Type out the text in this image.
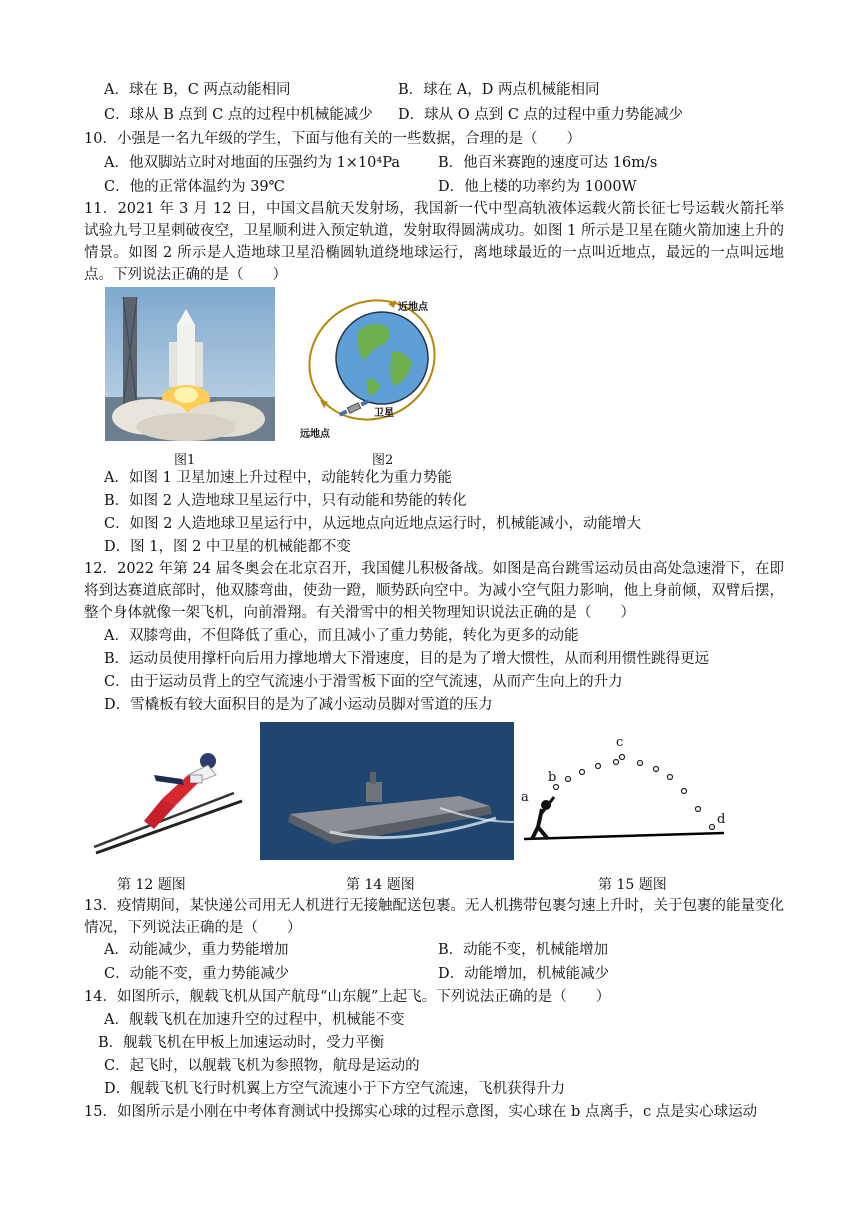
A．球在 B，C 两点动能相同	B．球在 A，D 两点机械能相同
C．球从 B 点到 C 点的过程中机械能减少 D．球从 O 点到 C 点的过程中重力势能减少
10．小强是一名九年级的学生，下面与他有关的一些数据，合理的是（　　）
A．他双脚站立时对地面的压强约为 1×10⁴Pa	B．他百米赛跑的速度可达 16m/s
C．他的正常体温约为 39℃	D．他上楼的功率约为 1000W
11．2021 年 3 月 12 日，中国文昌航天发射场，我国新一代中型高轨液体运载火箭长征七号运载火箭托举试验九号卫星刺破夜空，卫星顺利进入预定轨道，发射取得圆满成功。如图 1 所示是卫星在随火箭加速上升的情景。如图 2 所示是人造地球卫星沿椭圆轨道绕地球运行，离地球最近的一点叫近地点，最远的一点叫远地点。下列说法正确的是（　　）
图1
近地点
远地点
卫星
图2
A．如图 1 卫星加速上升过程中，动能转化为重力势能
B．如图 2 人造地球卫星运行中，只有动能和势能的转化
C．如图 2 人造地球卫星运行中，从远地点向近地点运行时，机械能减小，动能增大
D．图 1，图 2 中卫星的机械能都不变
12．2022 年第 24 届冬奥会在北京召开，我国健儿积极备战。如图是高台跳雪运动员由高处急速滑下，在即将到达赛道底部时，他双膝弯曲，使劲一蹬，顺势跃向空中。为减小空气阻力影响，他上身前倾，双臂后摆，整个身体就像一架飞机，向前滑翔。有关滑雪中的相关物理知识说法正确的是（　　）
A．双膝弯曲，不但降低了重心，而且减小了重力势能，转化为更多的动能
B．运动员使用撑杆向后用力撑地增大下滑速度，目的是为了增大惯性，从而利用惯性跳得更远
C．由于运动员背上的空气流速小于滑雪板下面的空气流速，从而产生向上的升力
D．雪橇板有较大面积目的是为了减小运动员脚对雪道的压力
第 12 题图	第 14 题图
a
b
c
d
第 15 题图
13．疫情期间，某快递公司用无人机进行无接触配送包裹。无人机携带包裹匀速上升时，关于包裹的能量变化情况，下列说法正确的是（　　）
A．动能减少，重力势能增加	B．动能不变，机械能增加
C．动能不变，重力势能减少	D．动能增加，机械能减少
14．如图所示，舰载飞机从国产航母“山东舰”上起飞。下列说法正确的是（　　）
A．舰载飞机在加速升空的过程中，机械能不变
B．舰载飞机在甲板上加速运动时，受力平衡
C．起飞时，以舰载飞机为参照物，航母是运动的
D．舰载飞机飞行时机翼上方空气流速小于下方空气流速，飞机获得升力
15．如图所示是小刚在中考体育测试中投掷实心球的过程示意图，实心球在 b 点离手，c 点是实心球运动
